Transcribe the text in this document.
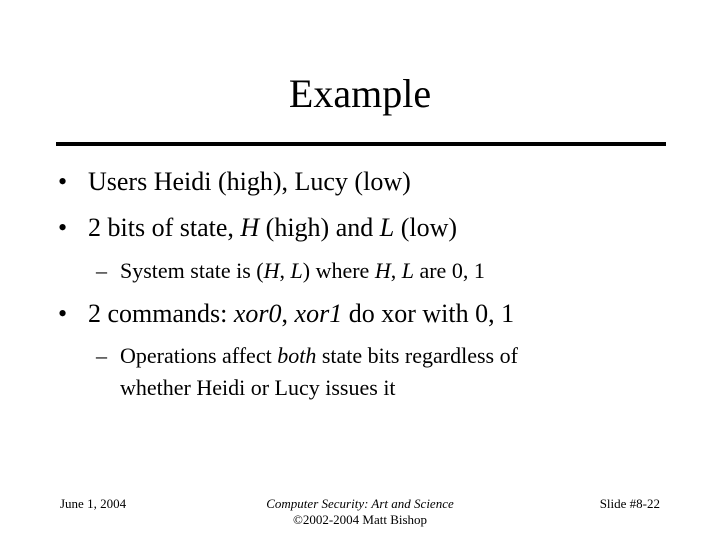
Example
• Users Heidi (high), Lucy (low)
• 2 bits of state, H (high) and L (low)
– System state is (H, L) where H, L are 0, 1
• 2 commands: xor0, xor1 do xor with 0, 1
– Operations affect both state bits regardless of
whether Heidi or Lucy issues it
June 1, 2004	Computer Security: Art and Science
©2002-2004 Matt Bishop
Slide #8-22
